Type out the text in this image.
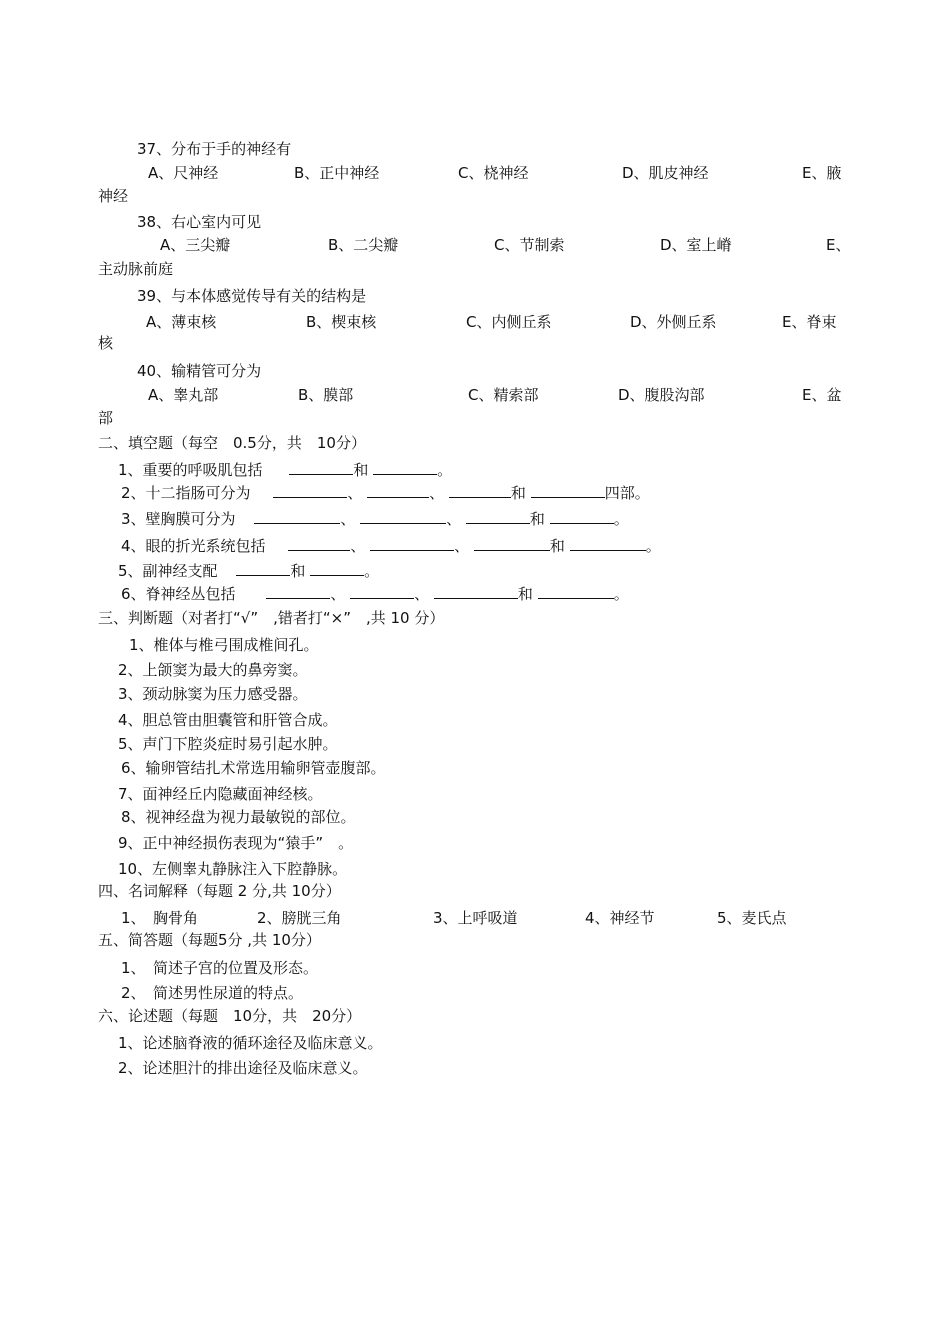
37、分布于手的神经有
A、尺神经	B、正中神经	C、桡神经	D、肌皮神经	E、腋
神经
38、右心室内可见
A、三尖瓣	B、二尖瓣	C、节制索	D、室上嵴	E、
主动脉前庭
39、与本体感觉传导有关的结构是
A、薄束核	B、楔束核	C、内侧丘系	D、外侧丘系	E、脊束
核
40、输精管可分为
A、睾丸部	B、膜部	C、精索部	D、腹股沟部	E、盆
部
二、填空题（每空　0.5分，共　10分）
1、重要的呼吸肌包括	和	。
2、十二指肠可分为	、	、	和	四部。
3、壁胸膜可分为	、	、	和	。
4、眼的折光系统包括	、	、	和	。
5、副神经支配	和	。
6、脊神经丛包括	、	、	和	。
三、判断题（对者打“√”　,错者打“×”　,共 10 分）
1、椎体与椎弓围成椎间孔。
2、上颌窦为最大的鼻旁窦。
3、颈动脉窦为压力感受器。
4、胆总管由胆囊管和肝管合成。
5、声门下腔炎症时易引起水肿。
6、输卵管结扎术常选用输卵管壶腹部。
7、面神经丘内隐藏面神经核。
8、视神经盘为视力最敏锐的部位。
9、正中神经损伤表现为“猿手”　。
10、左侧睾丸静脉注入下腔静脉。
四、名词解释（每题 2 分,共 10分）
1、　胸骨角	2、膀胱三角	3、上呼吸道	4、神经节	5、麦氏点
五、简答题（每题5分 ,共 10分）
1、　简述子宫的位置及形态。
2、　简述男性尿道的特点。
六、论述题（每题　10分，共　20分）
1、论述脑脊液的循环途径及临床意义。
2、论述胆汁的排出途径及临床意义。
